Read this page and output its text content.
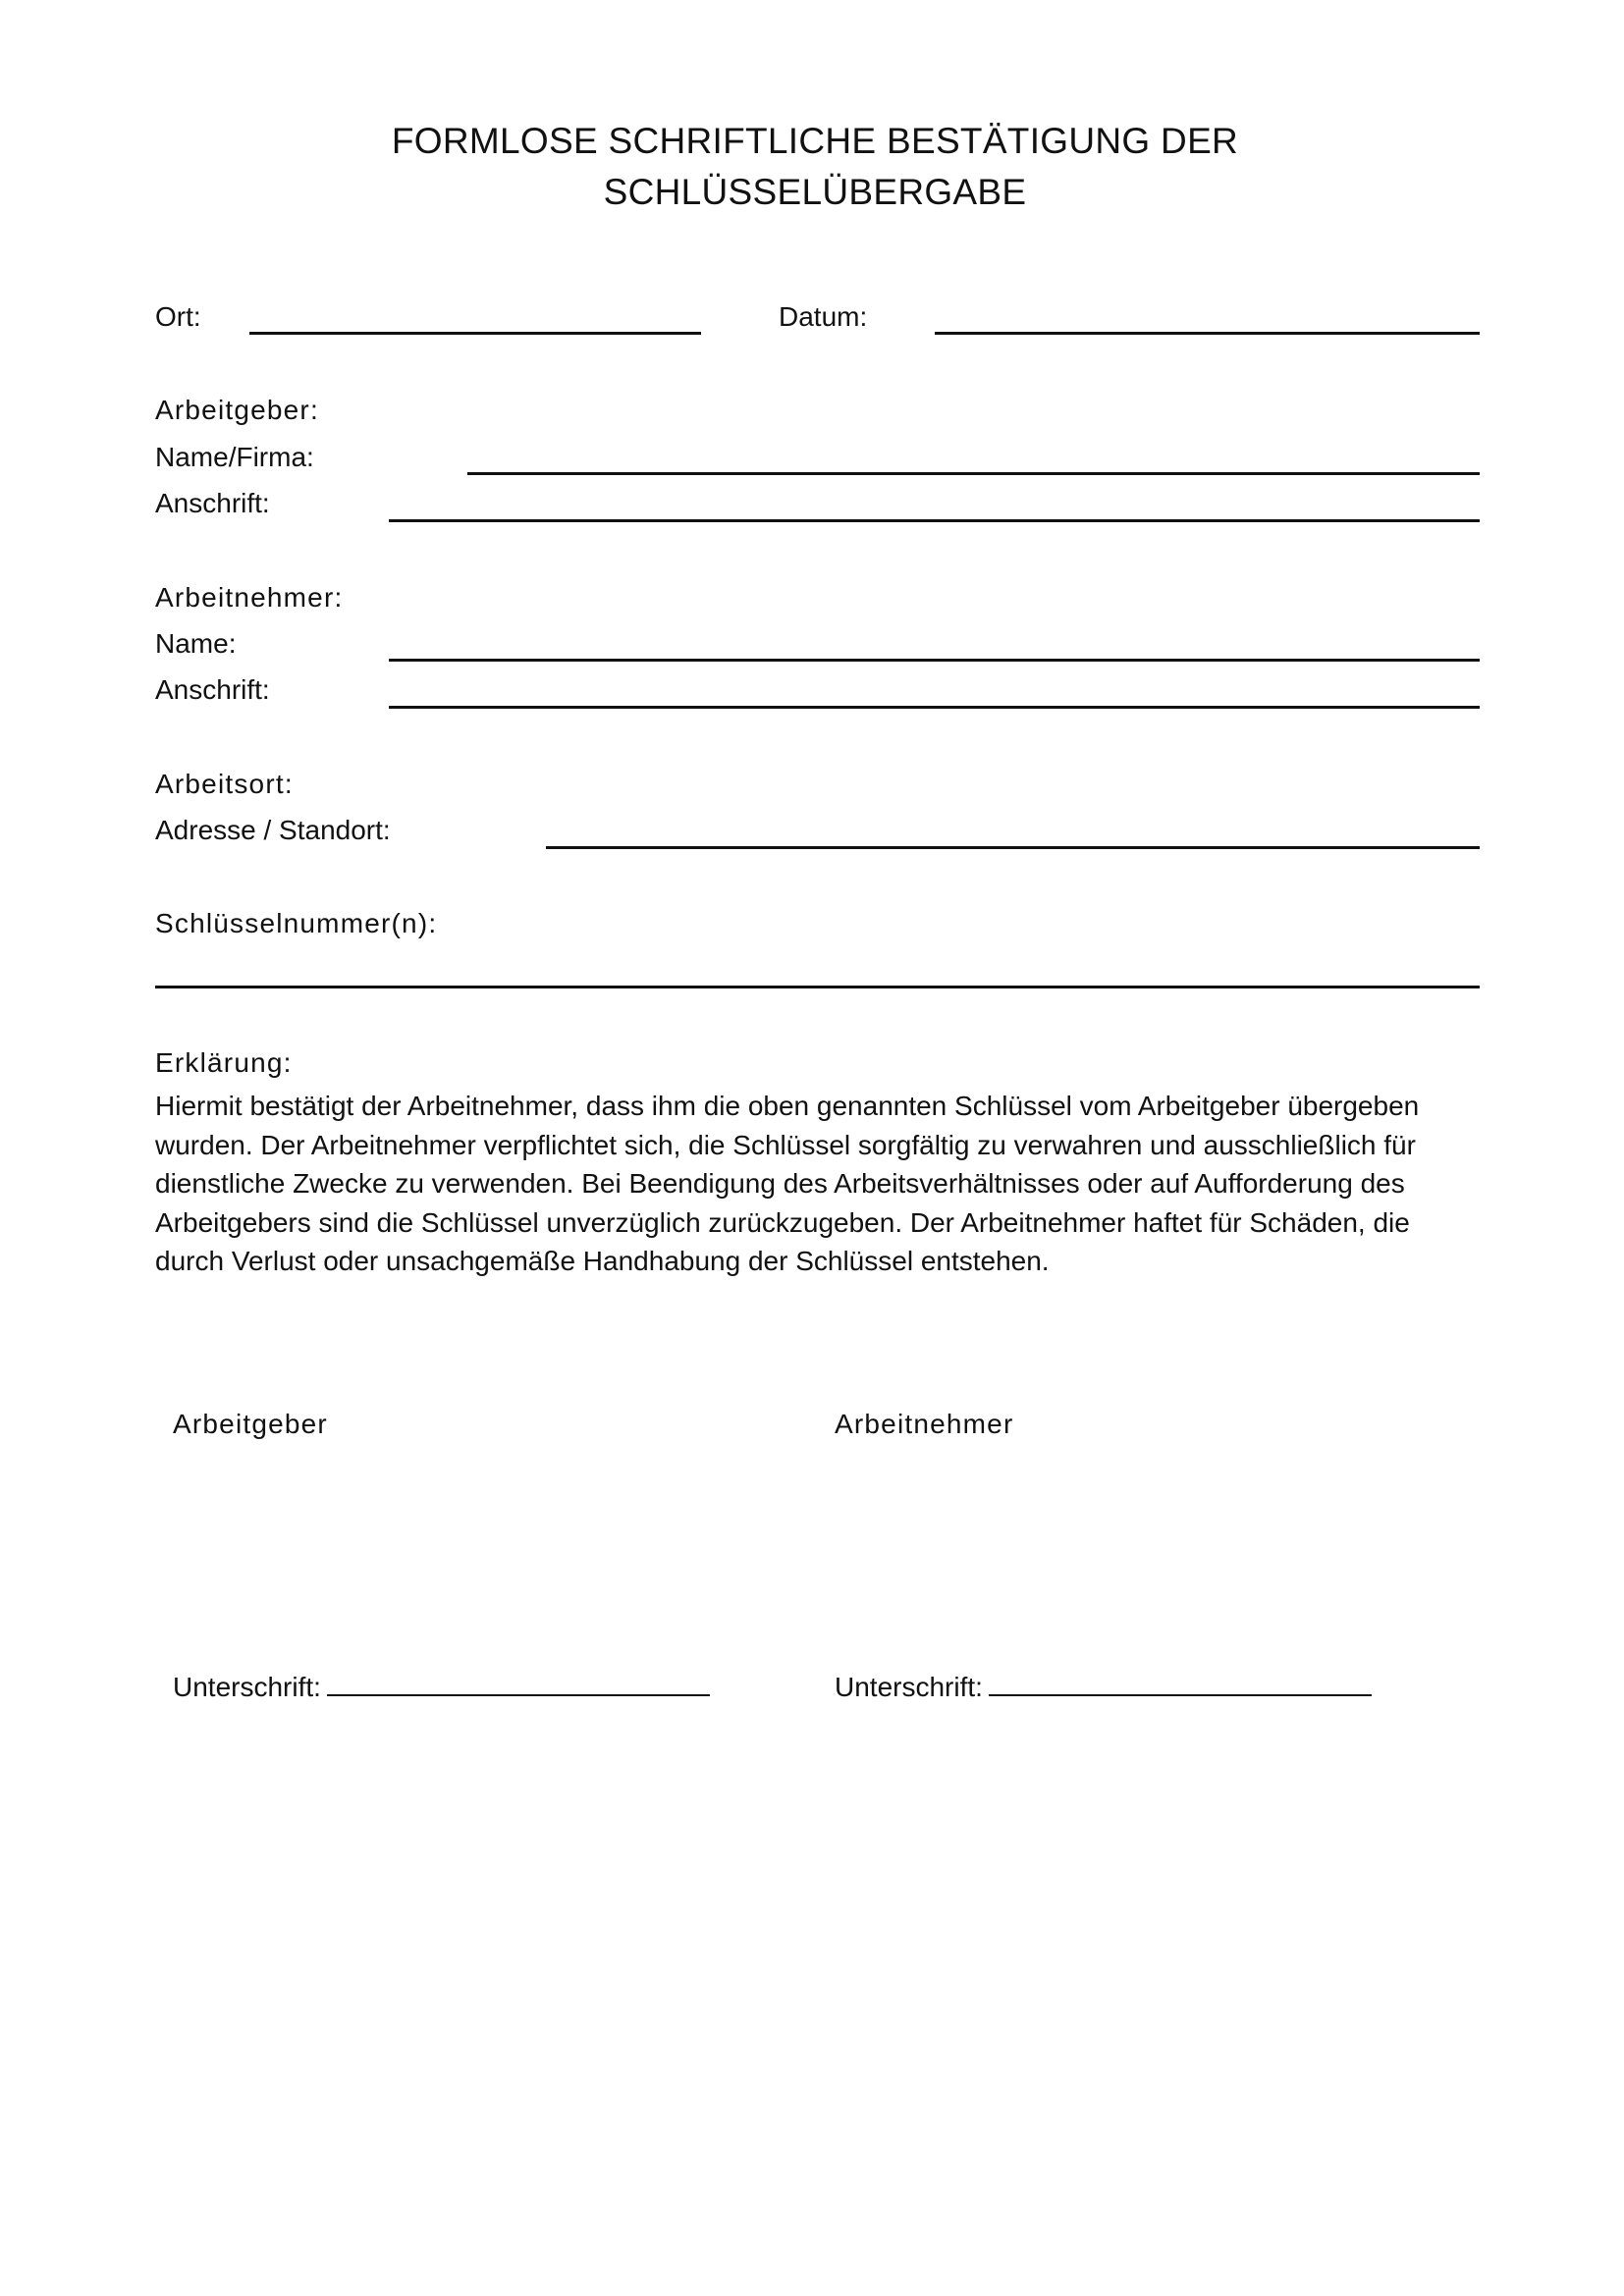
FORMLOSE SCHRIFTLICHE BESTÄTIGUNG DER
SCHLÜSSELÜBERGABE
Ort:	Datum:
Arbeitgeber:
Name/Firma:
Anschrift:
Arbeitnehmer:
Name:
Anschrift:
Arbeitsort:
Adresse / Standort:
Schlüsselnummer(n):
Erklärung:
Hiermit bestätigt der Arbeitnehmer, dass ihm die oben genannten Schlüssel vom Arbeitgeber übergeben
wurden. Der Arbeitnehmer verpflichtet sich, die Schlüssel sorgfältig zu verwahren und ausschließlich für
dienstliche Zwecke zu verwenden. Bei Beendigung des Arbeitsverhältnisses oder auf Aufforderung des
Arbeitgebers sind die Schlüssel unverzüglich zurückzugeben. Der Arbeitnehmer haftet für Schäden, die
durch Verlust oder unsachgemäße Handhabung der Schlüssel entstehen.
Arbeitgeber	Arbeitnehmer
Unterschrift:	Unterschrift:
